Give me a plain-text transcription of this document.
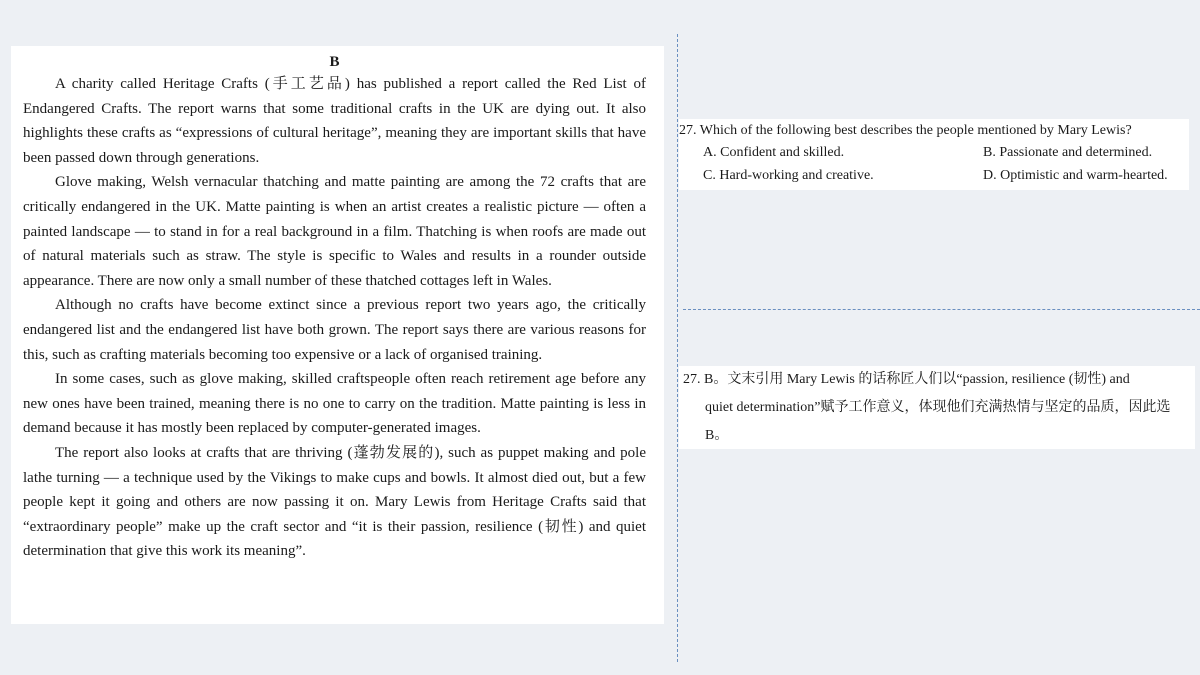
B

A charity called Heritage Crafts (手工艺品) has published a report called the Red List of Endangered Crafts. The report warns that some traditional crafts in the UK are dying out. It also highlights these crafts as “expressions of cultural heritage”, meaning they are important skills that have been passed down through generations.

Glove making, Welsh vernacular thatching and matte painting are among the 72 crafts that are critically endangered in the UK. Matte painting is when an artist creates a realistic picture — often a painted landscape — to stand in for a real background in a film. Thatching is when roofs are made out of natural materials such as straw. The style is specific to Wales and results in a rounder outside appearance. There are now only a small number of these thatched cottages left in Wales.

Although no crafts have become extinct since a previous report two years ago, the critically endangered list and the endangered list have both grown. The report says there are various reasons for this, such as crafting materials becoming too expensive or a lack of organised training.

In some cases, such as glove making, skilled craftspeople often reach retirement age before any new ones have been trained, meaning there is no one to carry on the tradition. Matte painting is less in demand because it has mostly been replaced by computer-generated images.

The report also looks at crafts that are thriving (蓬勃发展的), such as puppet making and pole lathe turning — a technique used by the Vikings to make cups and bowls. It almost died out, but a few people kept it going and others are now passing it on. Mary Lewis from Heritage Crafts said that “extraordinary people” make up the craft sector and “it is their passion, resilience (韧性) and quiet determination that give this work its meaning”.

27. Which of the following best describes the people mentioned by Mary Lewis?
A. Confident and skilled.	B. Passionate and determined.
C. Hard-working and creative.	D. Optimistic and warm-hearted.
27. B。文末引用 Mary Lewis 的话称匠人们以“passion, resilience (韧性) and
quiet determination”赋予工作意义，体现他们充满热情与坚定的品质，因此选 B。
